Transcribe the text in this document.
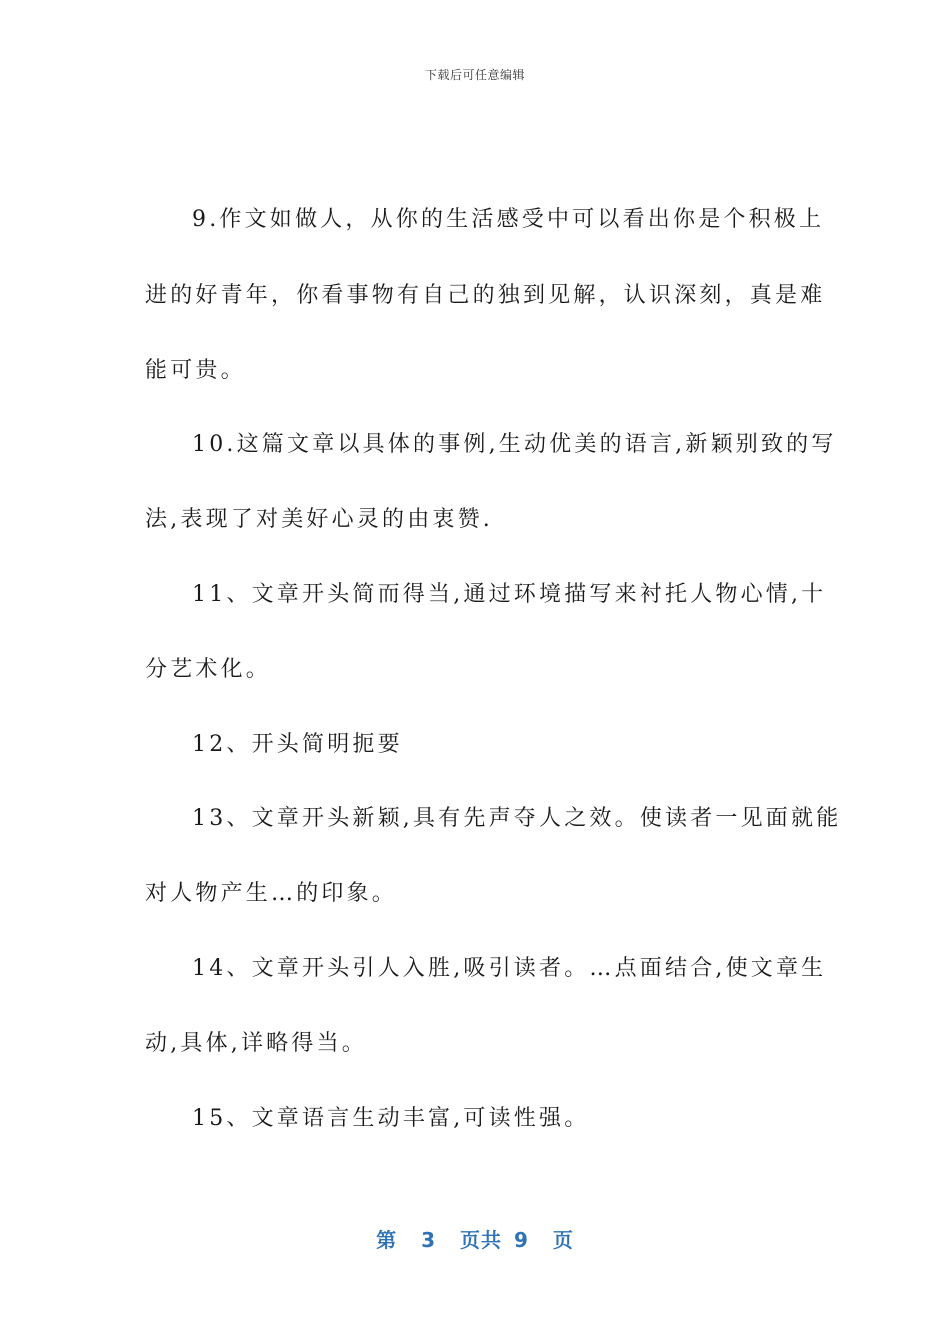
下载后可任意编辑
9.作文如做人，从你的生活感受中可以看出你是个积极上
进的好青年，你看事物有自己的独到见解，认识深刻，真是难
能可贵。
10.这篇文章以具体的事例,生动优美的语言,新颖别致的写
法,表现了对美好心灵的由衷赞.
11、文章开头简而得当,通过环境描写来衬托人物心情,十
分艺术化。
12、开头简明扼要
13、文章开头新颖,具有先声夺人之效。使读者一见面就能
对人物产生…的印象。
14、文章开头引人入胜,吸引读者。…点面结合,使文章生
动,具体,详略得当。
15、文章语言生动丰富,可读性强。
第 3 页共 9 页
